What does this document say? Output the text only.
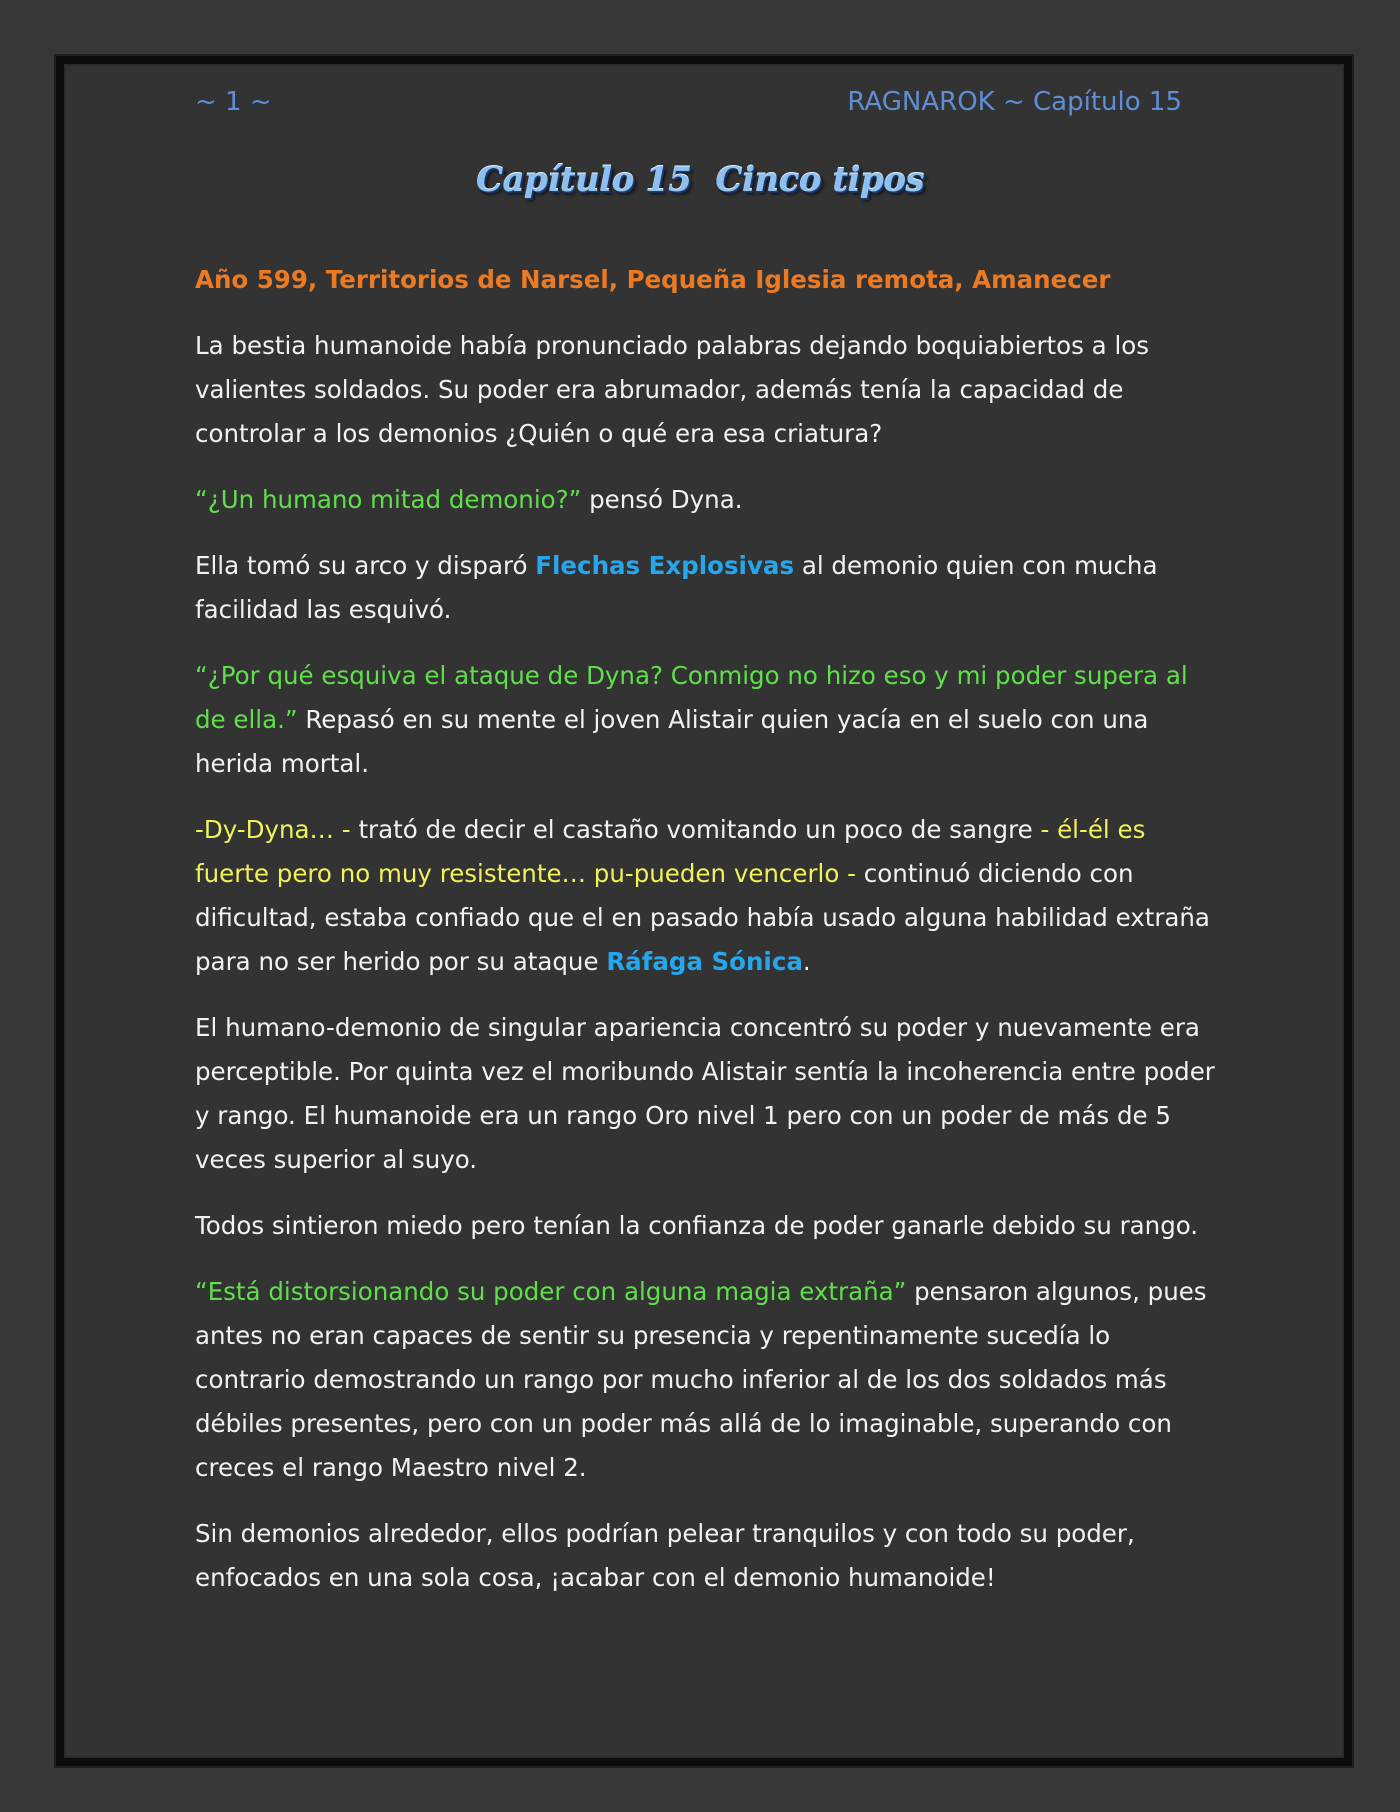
~ 1 ~	RAGNAROK ~ Capítulo 15
Capítulo 15 Cinco tipos

Año 599, Territorios de Narsel, Pequeña Iglesia remota, Amanecer

La bestia humanoide había pronunciado palabras dejando boquiabiertos a los valientes soldados. Su poder era abrumador, además tenía la capacidad de controlar a los demonios ¿Quién o qué era esa criatura?

“¿Un humano mitad demonio?” pensó Dyna.

Ella tomó su arco y disparó Flechas Explosivas al demonio quien con mucha facilidad las esquivó.

“¿Por qué esquiva el ataque de Dyna? Conmigo no hizo eso y mi poder supera al de ella.” Repasó en su mente el joven Alistair quien yacía en el suelo con una herida mortal.

-Dy-Dyna… - trató de decir el castaño vomitando un poco de sangre - él-él es fuerte pero no muy resistente… pu-pueden vencerlo - continuó diciendo con dificultad, estaba confiado que el en pasado había usado alguna habilidad extraña para no ser herido por su ataque Ráfaga Sónica.

El humano-demonio de singular apariencia concentró su poder y nuevamente era perceptible. Por quinta vez el moribundo Alistair sentía la incoherencia entre poder y rango. El humanoide era un rango Oro nivel 1 pero con un poder de más de 5 veces superior al suyo.

Todos sintieron miedo pero tenían la confianza de poder ganarle debido su rango.

“Está distorsionando su poder con alguna magia extraña” pensaron algunos, pues antes no eran capaces de sentir su presencia y repentinamente sucedía lo contrario demostrando un rango por mucho inferior al de los dos soldados más débiles presentes, pero con un poder más allá de lo imaginable, superando con creces el rango Maestro nivel 2.

Sin demonios alrededor, ellos podrían pelear tranquilos y con todo su poder, enfocados en una sola cosa, ¡acabar con el demonio humanoide!
